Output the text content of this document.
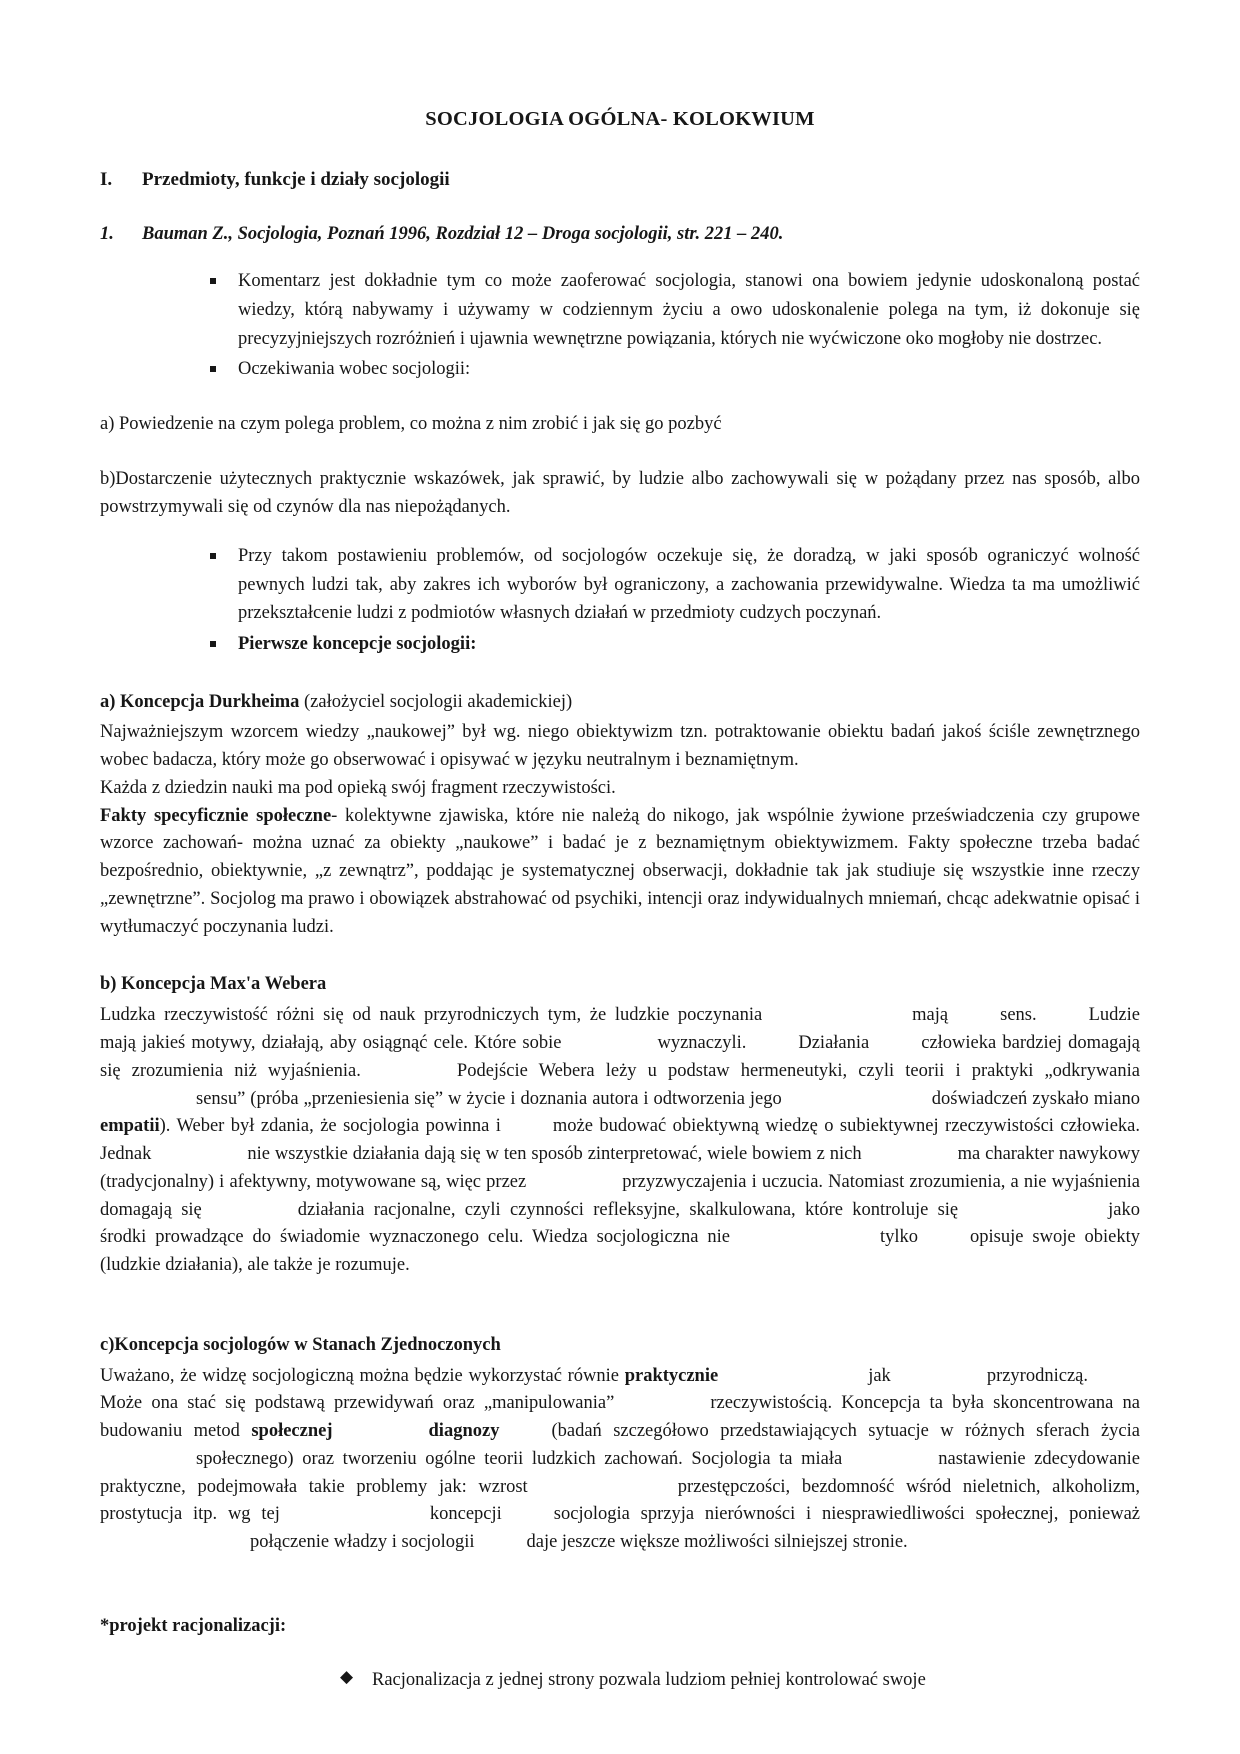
SOCJOLOGIA OGÓLNA- KOLOKWIUM
I.	Przedmioty, funkcje i działy socjologii
1.	Bauman Z., Socjologia, Poznań 1996, Rozdział 12 – Droga socjologii, str. 221 – 240.
Komentarz jest dokładnie tym co może zaoferować socjologia, stanowi ona bowiem jedynie udoskonaloną postać wiedzy, którą nabywamy i używamy w codziennym życiu a owo udoskonalenie polega na tym, iż dokonuje się precyzyjniejszych rozróżnień i ujawnia wewnętrzne powiązania, których nie wyćwiczone oko mogłoby nie dostrzec.
Oczekiwania wobec socjologii:

a) Powiedzenie na czym polega problem, co można z nim zrobić i jak się go pozbyć

b)Dostarczenie użytecznych praktycznie wskazówek, jak sprawić, by ludzie albo zachowywali się w pożądany przez nas sposób, albo powstrzymywali się od czynów dla nas niepożądanych.

Przy takom postawieniu problemów, od socjologów oczekuje się, że doradzą, w jaki sposób ograniczyć wolność pewnych ludzi tak, aby zakres ich wyborów był ograniczony, a zachowania przewidywalne. Wiedza ta ma umożliwić przekształcenie ludzi z podmiotów własnych działań w przedmioty cudzych poczynań.
Pierwsze koncepcje socjologii:
a) Koncepcja Durkheima (założyciel socjologii akademickiej)

Najważniejszym wzorcem wiedzy „naukowej” był wg. niego obiektywizm tzn. potraktowanie obiektu badań jakoś ściśle zewnętrznego wobec badacza, który może go obserwować i opisywać w języku neutralnym i beznamiętnym.

Każda z dziedzin nauki ma pod opieką swój fragment rzeczywistości.

Fakty specyficznie społeczne- kolektywne zjawiska, które nie należą do nikogo, jak wspólnie żywione przeświadczenia czy grupowe wzorce zachowań- można uznać za obiekty „naukowe” i badać je z beznamiętnym obiektywizmem. Fakty społeczne trzeba badać bezpośrednio, obiektywnie, „z zewnątrz”, poddając je systematycznej obserwacji, dokładnie tak jak studiuje się wszystkie inne rzeczy „zewnętrzne”. Socjolog ma prawo i obowiązek abstrahować od psychiki, intencji oraz indywidualnych mniemań, chcąc adekwatnie opisać i wytłumaczyć poczynania ludzi.

b) Koncepcja Max'a Webera

Ludzka rzeczywistość różni się od nauk przyrodniczych tym, że ludzkie poczynania	mają	sens.	Ludzie mają jakieś motywy, działają, aby osiągnąć cele. Które sobie	wyznaczyli.	Działania	człowieka bardziej domagają się zrozumienia niż wyjaśnienia.	Podejście Webera leży u podstaw hermeneutyki, czyli teorii i praktyki „odkrywaniasensu” (próba „przeniesienia się” w życie i doznania autora i odtworzenia jego	doświadczeń zyskało miano empatii). Weber był zdania, że socjologia powinna i	może budować obiektywną wiedzę o subiektywnej rzeczywistości człowieka. Jednak	nie wszystkie działania dają się w ten sposób zinterpretować, wiele bowiem z nich	ma charakter nawykowy (tradycjonalny) i afektywny, motywowane są, więc przez	przyzwyczajenia i uczucia. Natomiast zrozumienia, a nie wyjaśnienia domagają się	działania racjonalne, czyli czynności refleksyjne, skalkulowana, które kontroluje się	jako środki prowadzące do świadomie wyznaczonego celu. Wiedza socjologiczna nie	tylko	opisuje swoje obiekty (ludzkie działania), ale także je rozumuje.

c)Koncepcja socjologów w Stanach Zjednoczonych

Uważano, że widzę socjologiczną można będzie wykorzystać równie praktycznie	jak	przyrodniczą.Może ona stać się podstawą przewidywań oraz „manipulowania”	rzeczywistością. Koncepcja ta była skoncentrowana na budowaniu metod społecznej	diagnozy	(badań szczegółowo przedstawiających sytuacje w różnych sferach życiaspołecznego) oraz tworzeniu ogólne teorii ludzkich zachowań. Socjologia ta miała	nastawienie zdecydowanie praktyczne, podejmowała takie problemy jak: wzrost	przestępczości, bezdomność wśród nieletnich, alkoholizm, prostytucja itp. wg tej	koncepcji	socjologia sprzyja nierówności i niesprawiedliwości społecznej, ponieważpołączenie władzy i socjologii	daje jeszcze większe możliwości silniejszej stronie.

*projekt racjonalizacji:
◆ Racjonalizacja z jednej strony pozwala ludziom pełniej kontrolować swoje
